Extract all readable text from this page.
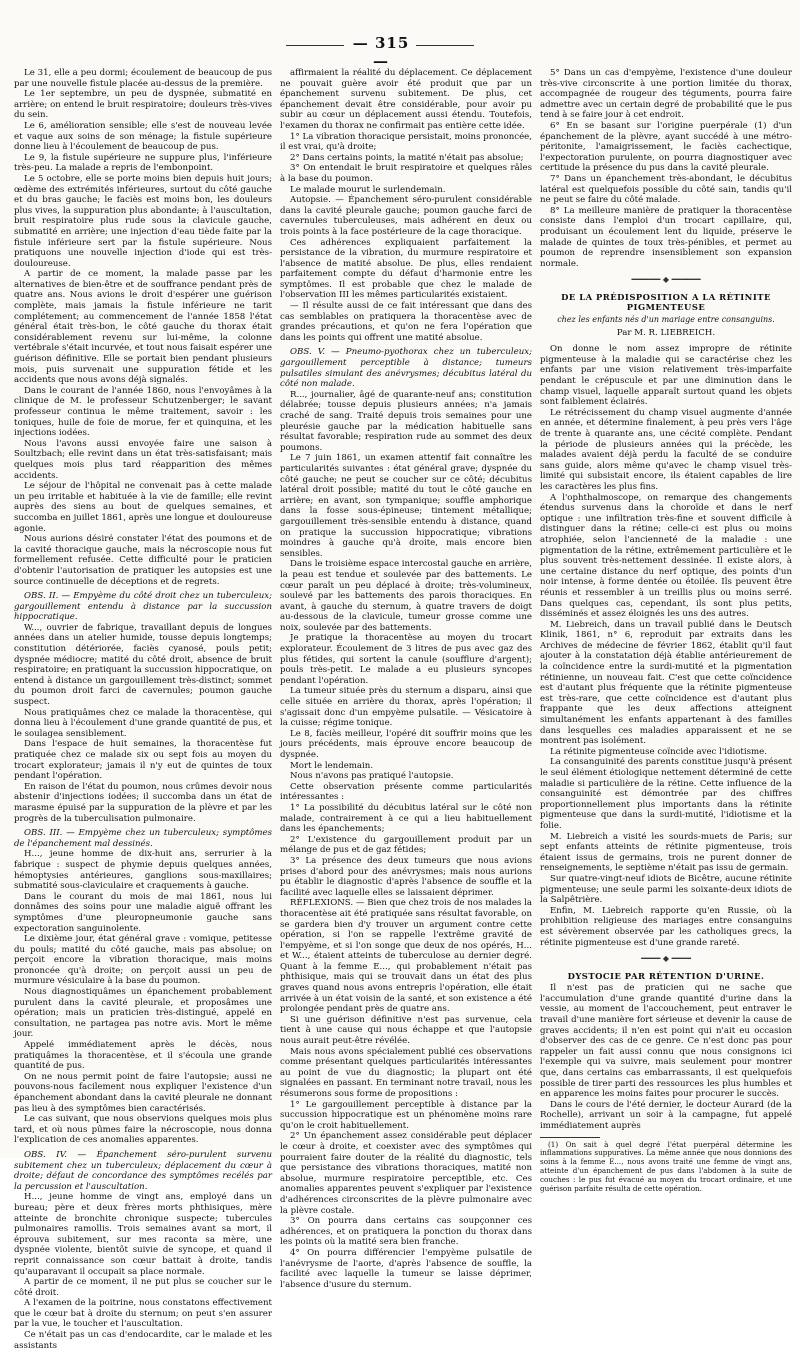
— 315 —

Le 31, elle a peu dormi; écoulement de beaucoup de pus par une nouvelle fistule placée au-dessus de la première.

Le 1er septembre, un peu de dyspnée, submatité en arrière; on entend le bruit respiratoire; douleurs très-vives du sein.

Le 6, amélioration sensible; elle s'est de nouveau levée et vaque aux soins de son ménage; la fistule supérieure donne lieu à l'écoulement de beaucoup de pus.

Le 9, la fistule supérieure ne suppure plus, l'inférieure très-peu. La malade a repris de l'embonpoint.

Le 5 octobre, elle se porte moins bien depuis huit jours; œdème des extrémités inférieures, surtout du côté gauche et du bras gauche; le faciès est moins bon, les douleurs plus vives, la suppuration plus abondante; à l'auscultation, bruit respiratoire plus rude sous la clavicule gauche, submatité en arrière; une injection d'eau tiède faite par la fistule inférieure sert par la fistule supérieure. Nous pratiquons une nouvelle injection d'iode qui est très-douloureuse.

A partir de ce moment, la malade passe par les alternatives de bien-être et de souffrance pendant près de quatre ans. Nous avions le droit d'espérer une guérison complète, mais jamais la fistule inférieure ne tarit complétement; au commencement de l'année 1858 l'état général était très-bon, le côté gauche du thorax était considérablement revenu sur lui-même, la colonne vertébrale s'était incurvée, et tout nous faisait espérer une guérison définitive. Elle se portait bien pendant plusieurs mois, puis survenait une suppuration fétide et les accidents que nous avons déjà signalés.

Dans le courant de l'année 1860, nous l'envoyâmes à la clinique de M. le professeur Schutzenberger; le savant professeur continua le même traitement, savoir : les toniques, huile de foie de morue, fer et quinquina, et les injections iodées.

Nous l'avons aussi envoyée faire une saison à Soultzbach; elle revint dans un état très-satisfaisant; mais quelques mois plus tard réapparition des mêmes accidents.

Le séjour de l'hôpital ne convenait pas à cette malade un peu irritable et habituée à la vie de famille; elle revint auprès des siens au bout de quelques semaines, et succomba en juillet 1861, après une longue et douloureuse agonie.

Nous aurions désiré constater l'état des poumons et de la cavité thoracique gauche, mais la nécroscopie nous fut formellement refusée. Cette difficulté pour le praticien d'obtenir l'autorisation de pratiquer les autopsies est une source continuelle de déceptions et de regrets.

OBS. II. — Empyème du côté droit chez un tuberculeux; gargouillement entendu à distance par la succussion hippocratique.

W..., ouvrier de fabrique, travaillant depuis de longues années dans un atelier humide, tousse depuis longtemps; constitution détériorée, faciès cyanosé, pouls petit; dyspnée médiocre; matité du côté droit, absence de bruit respiratoire; en pratiquant la succussion hippocratique, on entend à distance un gargouillement très-distinct; sommet du poumon droit farci de cavernules; poumon gauche suspect.

Nous pratiquâmes chez ce malade la thoracentèse, qui donna lieu à l'écoulement d'une grande quantité de pus, et le soulagea sensiblement.

Dans l'espace de huit semaines, la thoracentèse fut pratiquée chez ce malade six ou sept fois au moyen du trocart explorateur; jamais il n'y eut de quintes de toux pendant l'opération.

En raison de l'état du poumon, nous crûmes devoir nous abstenir d'injections iodées; il succomba dans un état de marasme épuisé par la suppuration de la plèvre et par les progrès de la tuberculisation pulmonaire.

OBS. III. — Empyème chez un tuberculeux; symptômes de l'épanchement mal dessinés.

H..., jeune homme de dix-huit ans, serrurier à la fabrique : suspect de phymie depuis quelques années, hémoptysies antérieures, ganglions sous-maxillaires; submatité sous-claviculaire et craquements à gauche.

Dans le courant du mois de mai 1861, nous lui donnâmes des soins pour une maladie aiguë offrant les symptômes d'une pleuropneumonie gauche sans expectoration sanguinolente.

Le dixième jour, état général grave : vomique, petitesse du pouls; matité du côté gauche, mais pas absolue; on perçoit encore la vibration thoracique, mais moins prononcée qu'à droite; on perçoit aussi un peu de murmure vésiculaire à la base du poumon.

Nous diagnostiquâmes un épanchement probablement purulent dans la cavité pleurale, et proposâmes une opération; mais un praticien très-distingué, appelé en consultation, ne partagea pas notre avis. Mort le même jour.

Appelé immédiatement après le décès, nous pratiquâmes la thoracentèse, et il s'écoula une grande quantité de pus.

On ne nous permit point de faire l'autopsie; aussi ne pouvons-nous facilement nous expliquer l'existence d'un épanchement abondant dans la cavité pleurale ne donnant pas lieu à des symptômes bien caractérisés.

Le cas suivant, que nous observions quelques mois plus tard, et où nous pûmes faire la nécroscopie, nous donna l'explication de ces anomalies apparentes.

OBS. IV. — Épanchement séro-purulent survenu subitement chez un tuberculeux; déplacement du cœur à droite; défaut de concordance des symptômes recélés par la percussion et l'auscultation.

H..., jeune homme de vingt ans, employé dans un bureau; père et deux frères morts phthisiques, mère atteinte de bronchite chronique suspecte; tubercules pulmonaires ramollis. Trois semaines avant sa mort, il éprouva subitement, sur mes raconta sa mère, une dyspnée violente, bientôt suivie de syncope, et quand il reprit connaissance son cœur battait à droite, tandis qu'auparavant il occupait sa place normale.

A partir de ce moment, il ne put plus se coucher sur le côté droit.

A l'examen de la poitrine, nous constatons effectivement que le cœur bat à droite du sternum; on peut s'en assurer par la vue, le toucher et l'auscultation.

Ce n'était pas un cas d'endocardite, car le malade et les assistants

affirmaient la réalité du déplacement. Ce déplacement ne pouvait guère avoir été produit que par un épanchement survenu subitement. De plus, cet épanchement devait être considérable, pour avoir pu subir au cœur un déplacement aussi étendu. Toutefois, l'examen du thorax ne confirmait pas entière cette idée.

1° La vibration thoracique persistait, moins prononcée, il est vrai, qu'à droite;

2° Dans certains points, la matité n'était pas absolue;

3° On entendait le bruit respiratoire et quelques râles à la base du poumon.

Le malade mourut le surlendemain.

Autopsie. — Épanchement séro-purulent considérable dans la cavité pleurale gauche; poumon gauche farci de cavernules tuberculeuses, mais adhérent en deux ou trois points à la face postérieure de la cage thoracique.

Ces adhérences expliquaient parfaitement la persistance de la vibration, du murmure respiratoire et l'absence de matité absolue. De plus, elles rendaient parfaitement compte du défaut d'harmonie entre les symptômes. Il est probable que chez le malade de l'observation III les mêmes particularités existaient.

— Il résulte aussi de ce fait intéressant que dans des cas semblables on pratiquera la thoracentèse avec de grandes précautions, et qu'on ne fera l'opération que dans les points qui offrent une matité absolue.

OBS. V. — Pneumo-pyothorax chez un tuberculeux; gargouillement perceptible à distance; tumeurs pulsatiles simulant des anévrysmes; décubitus latéral du côté non malade.

R..., journalier, âgé de quarante-neuf ans; constitution délabrée; tousse depuis plusieurs années; n'a jamais craché de sang. Traité depuis trois semaines pour une pleurésie gauche par la médication habituelle sans résultat favorable; respiration rude au sommet des deux poumons.

Le 7 juin 1861, un examen attentif fait connaître les particularités suivantes : état général grave; dyspnée du côté gauche; ne peut se coucher sur ce côté; décubitus latéral droit possible; matité du tout le côté gauche en arrière; en avant, son tympanique; souffle amphorique dans la fosse sous-épineuse; tintement métallique; gargouillement très-sensible entendu à distance, quand on pratique la succussion hippocratique; vibrations moindres à gauche qu'à droite, mais encore bien sensibles.

Dans le troisième espace intercostal gauche en arrière, la peau est tendue et soulevée par des battements. Le cœur paraît un peu déplacé à droite; très-volumineux, soulevé par les battements des parois thoraciques. En avant, à gauche du sternum, à quatre travers de doigt au-dessous de la clavicule, tumeur grosse comme une noix, soulevée par des battements.

Je pratique la thoracentèse au moyen du trocart explorateur. Écoulement de 3 litres de pus avec gaz des plus fétides, qui sortent la canule (soufflure d'argent); pouls très-petit. Le malade a eu plusieurs syncopes pendant l'opération.

La tumeur située près du sternum a disparu, ainsi que celle située en arrière du thorax, après l'opération; il s'agissait donc d'un empyème pulsatile. — Vésicatoire à la cuisse; régime tonique.

Le 8, faciès meilleur, l'opéré dit souffrir moins que les jours précédents, mais éprouve encore beaucoup de dyspnée.

Mort le lendemain.

Nous n'avons pas pratiqué l'autopsie.

Cette observation présente comme particularités intéressantes :

1° La possibilité du décubitus latéral sur le côté non malade, contrairement à ce qui a lieu habituellement dans les épanchements;

2° L'existence du gargouillement produit par un mélange de pus et de gaz fétides;

3° La présence des deux tumeurs que nous avions prises d'abord pour des anévrysmes; mais nous aurions pu établir le diagnostic d'après l'absence de souffle et la facilité avec laquelle elles se laissaient déprimer.

RÉFLEXIONS. — Bien que chez trois de nos malades la thoracentèse ait été pratiquée sans résultat favorable, on se gardera bien d'y trouver un argument contre cette opération, si l'on se rappelle l'extrême gravité de l'empyème, et si l'on songe que deux de nos opérés, H... et W..., étaient atteints de tuberculose au dernier degré. Quant à la femme E..., qui probablement n'était pas phthisique, mais qui se trouvait dans un état des plus graves quand nous avons entrepris l'opération, elle était arrivée à un état voisin de la santé, et son existence a été prolongée pendant près de quatre ans.

Si une guérison définitive n'est pas survenue, cela tient à une cause qui nous échappe et que l'autopsie nous aurait peut-être révélée.

Mais nous avons spécialement publié ces observations comme présentant quelques particularités intéressantes au point de vue du diagnostic; la plupart ont été signalées en passant. En terminant notre travail, nous les résumerons sous forme de propositions :

1° Le gargouillement perceptible à distance par la succussion hippocratique est un phénomène moins rare qu'on le croit habituellement.

2° Un épanchement assez considérable peut déplacer le cœur à droite, et coexister avec des symptômes qui pourraient faire douter de la réalité du diagnostic, tels que persistance des vibrations thoraciques, matité non absolue, murmure respiratoire perceptible, etc. Ces anomalies apparentes peuvent s'expliquer par l'existence d'adhérences circonscrites de la plèvre pulmonaire avec la plèvre costale.

3° On pourra dans certains cas soupçonner ces adhérences, et on pratiquera la ponction du thorax dans les points où la matité sera bien franche.

4° On pourra différencier l'empyème pulsatile de l'anévrysme de l'aorte, d'après l'absence de souffle, la facilité avec laquelle la tumeur se laisse déprimer, l'absence d'usure du sternum.

5° Dans un cas d'empyème, l'existence d'une douleur très-vive circonscrite à une portion limitée du thorax, accompagnée de rougeur des téguments, pourra faire admettre avec un certain degré de probabilité que le pus tend à se faire jour à cet endroit.

6° En se basant sur l'origine puerpérale (1) d'un épanchement de la plèvre, ayant succédé à une métro-péritonite, l'amaigrissement, le faciès cachectique, l'expectoration purulente, on pourra diagnostiquer avec certitude la présence du pus dans la cavité pleurale.

7° Dans un épanchement très-abondant, le décubitus latéral est quelquefois possible du côté sain, tandis qu'il ne peut se faire du côté malade.

8° La meilleure manière de pratiquer la thoracentèse consiste dans l'emploi d'un trocart capillaire, qui, produisant un écoulement lent du liquide, préserve le malade de quintes de toux très-pénibles, et permet au poumon de reprendre insensiblement son expansion normale.

━━━━━━ ◆ ━━━━━━
DE LA PRÉDISPOSITION A LA RÉTINITE PIGMENTEUSE

chez les enfants nés d'un mariage entre consanguins.

Par M. R. LIEBREICH.

On donne le nom assez impropre de rétinite pigmenteuse à la maladie qui se caractérise chez les enfants par une vision relativement très-imparfaite pendant le crépuscule et par une diminution dans le champ visuel, laquelle apparaît surtout quand les objets sont faiblement éclairés.

Le rétrécissement du champ visuel augmente d'année en année, et détermine finalement, à peu près vers l'âge de trente à quarante ans, une cécité complète. Pendant la période de plusieurs années qui la précède, les malades avaient déjà perdu la faculté de se conduire sans guide, alors même qu'avec le champ visuel très-limité qui subsistait encore, ils étaient capables de lire les caractères les plus fins.

A l'ophthalmoscope, on remarque des changements étendus survenus dans la choroïde et dans le nerf optique : une infiltration très-fine et souvent difficile à distinguer dans la rétine; celle-ci est plus ou moins atrophiée, selon l'ancienneté de la maladie : une pigmentation de la rétine, extrêmement particulière et le plus souvent très-nettement dessinée. Il existe alors, à une certaine distance du nerf optique, des points d'un noir intense, à forme dentée ou étoilée. Ils peuvent être réunis et ressembler à un treillis plus ou moins serré. Dans quelques cas, cependant, ils sont plus petits, disséminés et assez éloignés les uns des autres.

M. Liebreich, dans un travail publié dans le Deutsch Klinik, 1861, n° 6, reproduit par extraits dans les Archives de médecine de février 1862, établit qu'il faut ajouter à la constatation déjà établie antérieurement de la coïncidence entre la surdi-mutité et la pigmentation rétinienne, un nouveau fait. C'est que cette coïncidence est d'autant plus fréquente que la rétinite pigmenteuse est très-rare, que cette coïncidence est d'autant plus frappante que les deux affections atteignent simultanément les enfants appartenant à des familles dans lesquelles ces maladies apparaissent et ne se montrent pas isolément.

La rétinite pigmenteuse coïncide avec l'idiotisme.

La consanguinité des parents constitue jusqu'à présent le seul élément étiologique nettement déterminé de cette maladie si particulière de la rétine. Cette influence de la consanguinité est démontrée par des chiffres proportionnellement plus importants dans la rétinite pigmenteuse que dans la surdi-mutité, l'idiotisme et la folie.

M. Liebreich a visité les sourds-muets de Paris; sur sept enfants atteints de rétinite pigmenteuse, trois étaient issus de germains, trois ne purent donner de renseignements, le septième n'était pas issu de germain.

Sur quatre-vingt-neuf idiots de Bicêtre, aucune rétinite pigmenteuse; une seule parmi les soixante-deux idiots de la Salpêtrière.

Enfin, M. Liebreich rapporte qu'en Russie, où la prohibition religieuse des mariages entre consanguins est sévèrement observée par les catholiques grecs, la rétinite pigmenteuse est d'une grande rareté.

━━━━ ◆ ━━━━
DYSTOCIE PAR RÉTENTION D'URINE.

Il n'est pas de praticien qui ne sache que l'accumulation d'une grande quantité d'urine dans la vessie, au moment de l'accouchement, peut entraver le travail d'une manière fort sérieuse et devenir la cause de graves accidents; il n'en est point qui n'ait eu occasion d'observer des cas de ce genre. Ce n'est donc pas pour rappeler un fait aussi connu que nous consignons ici l'exemple qui va suivre, mais seulement pour montrer que, dans certains cas embarrassants, il est quelquefois possible de tirer parti des ressources les plus humbles et en apparence les moins faites pour procurer le succès.

Dans le cours de l'été dernier, le docteur Aurard (de la Rochelle), arrivant un soir à la campagne, fut appelé immédiatement auprès

(1) On sait à quel degré l'état puerpéral détermine les inflammations suppuratives. La même année que nous donnions des soins à la femme E..., nous avons traité une femme de vingt ans, atteinte d'un épanchement de pus dans l'abdomen à la suite de couches : le pus fut évacué au moyen du trocart ordinaire, et une guérison parfaite résulta de cette opération.
